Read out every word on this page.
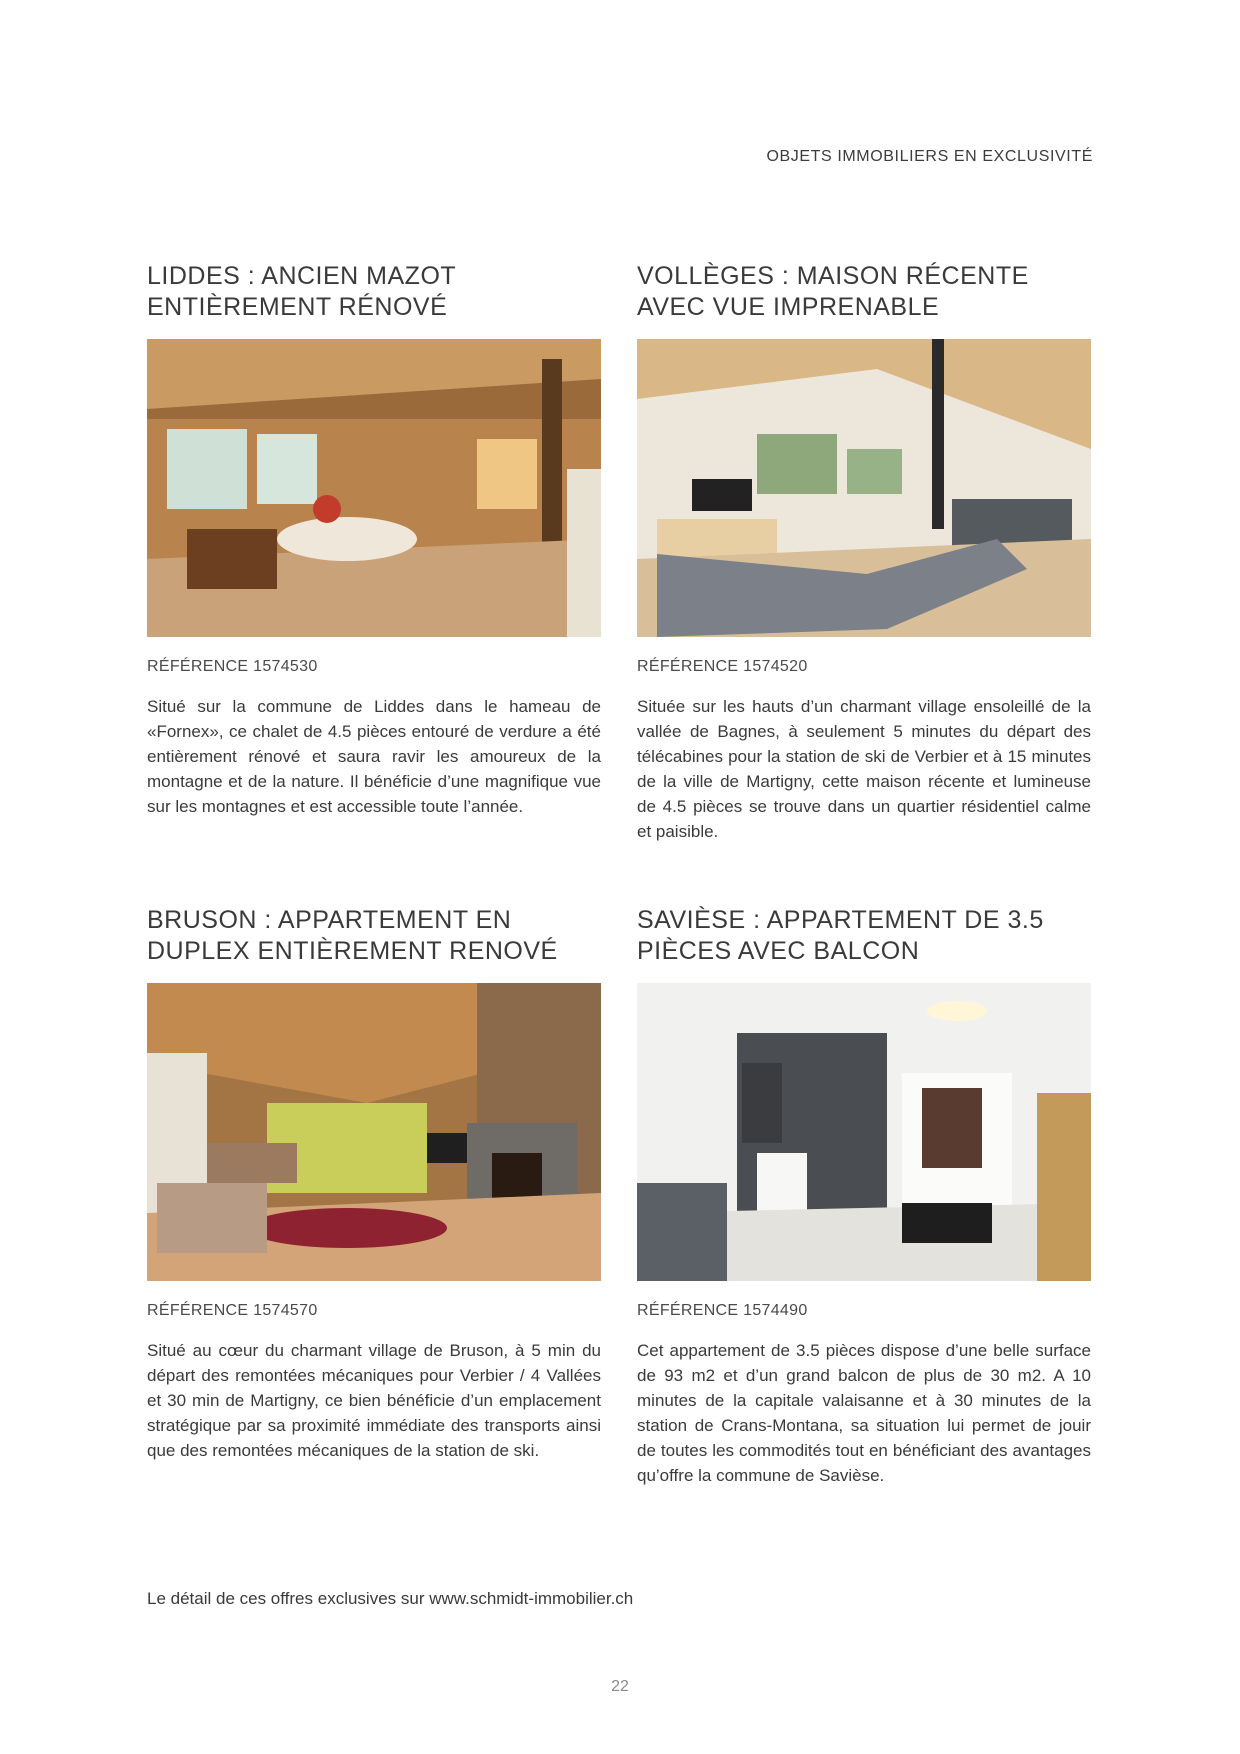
OBJETS IMMOBILIERS EN EXCLUSIVITÉ
LIDDES : ANCIEN MAZOT ENTIÈREMENT RÉNOVÉ
RÉFÉRENCE 1574530

Situé sur la commune de Liddes dans le hameau de «Fornex», ce chalet de 4.5 pièces entouré de verdure a été entièrement rénové et saura ravir les amoureux de la montagne et de la nature. Il bénéficie d’une magnifique vue sur les montagnes et est accessible toute l’année.

VOLLÈGES : MAISON RÉCENTE AVEC VUE IMPRENABLE
RÉFÉRENCE 1574520

Située sur les hauts d’un charmant village ensoleillé de la vallée de Bagnes, à seulement 5 minutes du départ des télécabines pour la station de ski de Verbier et à 15 minutes de la ville de Martigny, cette maison récente et lumineuse de 4.5 pièces se trouve dans un quartier résidentiel calme et paisible.

BRUSON : APPARTEMENT EN DUPLEX ENTIÈREMENT RENOVÉ
RÉFÉRENCE 1574570

Situé au cœur du charmant village de Bruson, à 5 min du départ des remontées mécaniques pour Verbier / 4 Vallées et 30 min de Martigny, ce bien bénéficie d’un emplacement stratégique par sa proximité immédiate des transports ainsi que des remontées mécaniques de la station de ski.

SAVIÈSE : APPARTEMENT DE 3.5 PIÈCES AVEC BALCON
RÉFÉRENCE 1574490

Cet appartement de 3.5 pièces dispose d’une belle surface de 93 m2 et d’un grand balcon de plus de 30 m2. A 10 minutes de la capitale valaisanne et à 30 minutes de la station de Crans-Montana, sa situation lui permet de jouir de toutes les commodités tout en bénéficiant des avantages qu’offre la commune de Savièse.

Le détail de ces offres exclusives sur www.schmidt-immobilier.ch
22
